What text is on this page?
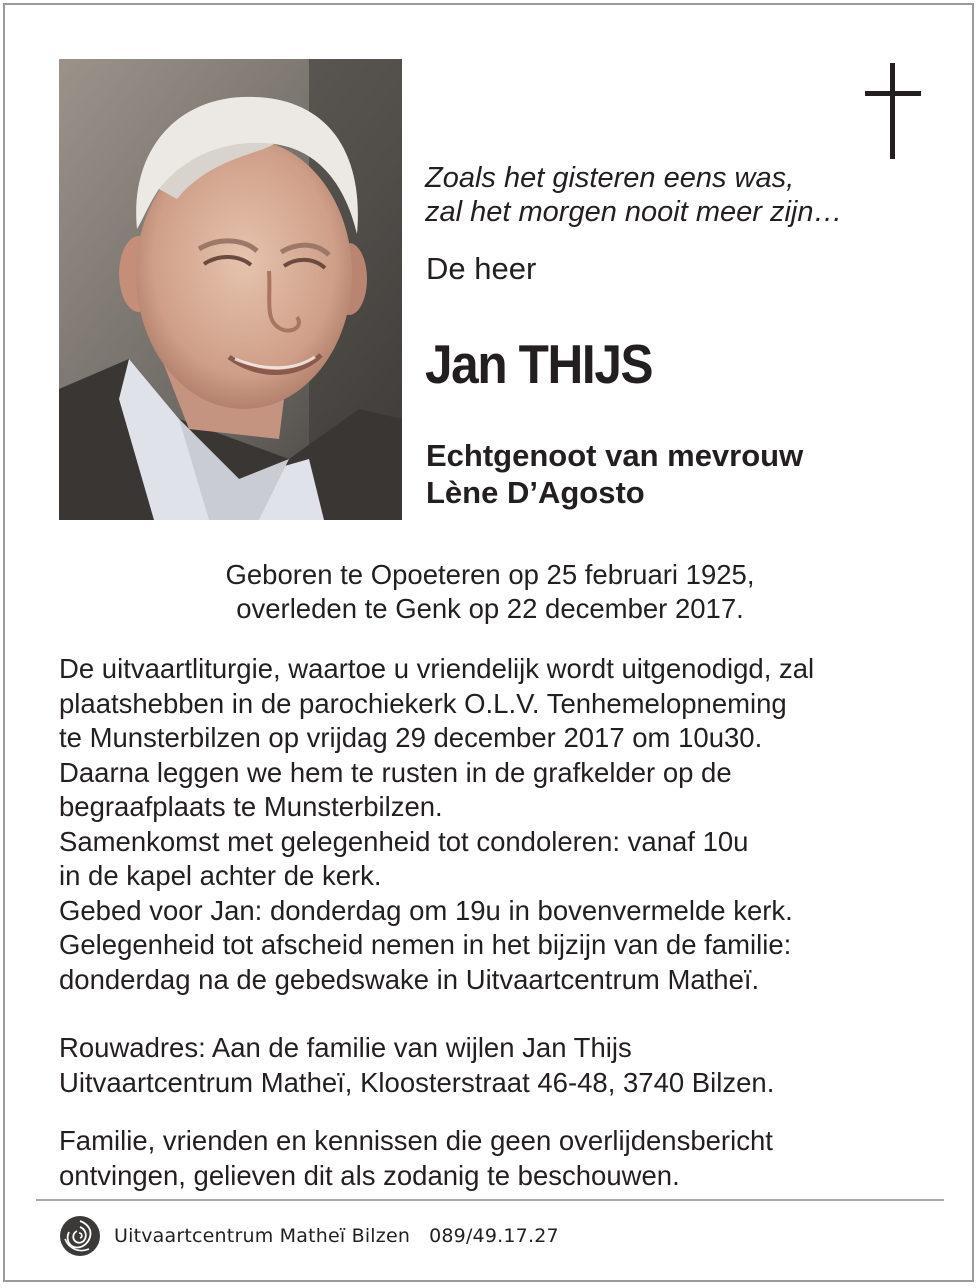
Zoals het gisteren eens was,
zal het morgen nooit meer zijn…
De heer
Jan THIJS
Echtgenoot van mevrouw
Lène D’Agosto
Geboren te Opoeteren op 25 februari 1925,
overleden te Genk op 22 december 2017.
De uitvaartliturgie, waartoe u vriendelijk wordt uitgenodigd, zal
plaatshebben in de parochiekerk O.L.V. Tenhemelopneming
te Munsterbilzen op vrijdag 29 december 2017 om 10u30.
Daarna leggen we hem te rusten in de grafkelder op de
begraafplaats te Munsterbilzen.
Samenkomst met gelegenheid tot condoleren: vanaf 10u
in de kapel achter de kerk.
Gebed voor Jan: donderdag om 19u in bovenvermelde kerk.
Gelegenheid tot afscheid nemen in het bijzijn van de familie:
donderdag na de gebedswake in Uitvaartcentrum Matheï.
Rouwadres: Aan de familie van wijlen Jan Thijs
Uitvaartcentrum Matheï, Kloosterstraat 46-48, 3740 Bilzen.
Familie, vrienden en kennissen die geen overlijdensbericht
ontvingen, gelieven dit als zodanig te beschouwen.
Uitvaartcentrum Matheï Bilzen 089/49.17.27
